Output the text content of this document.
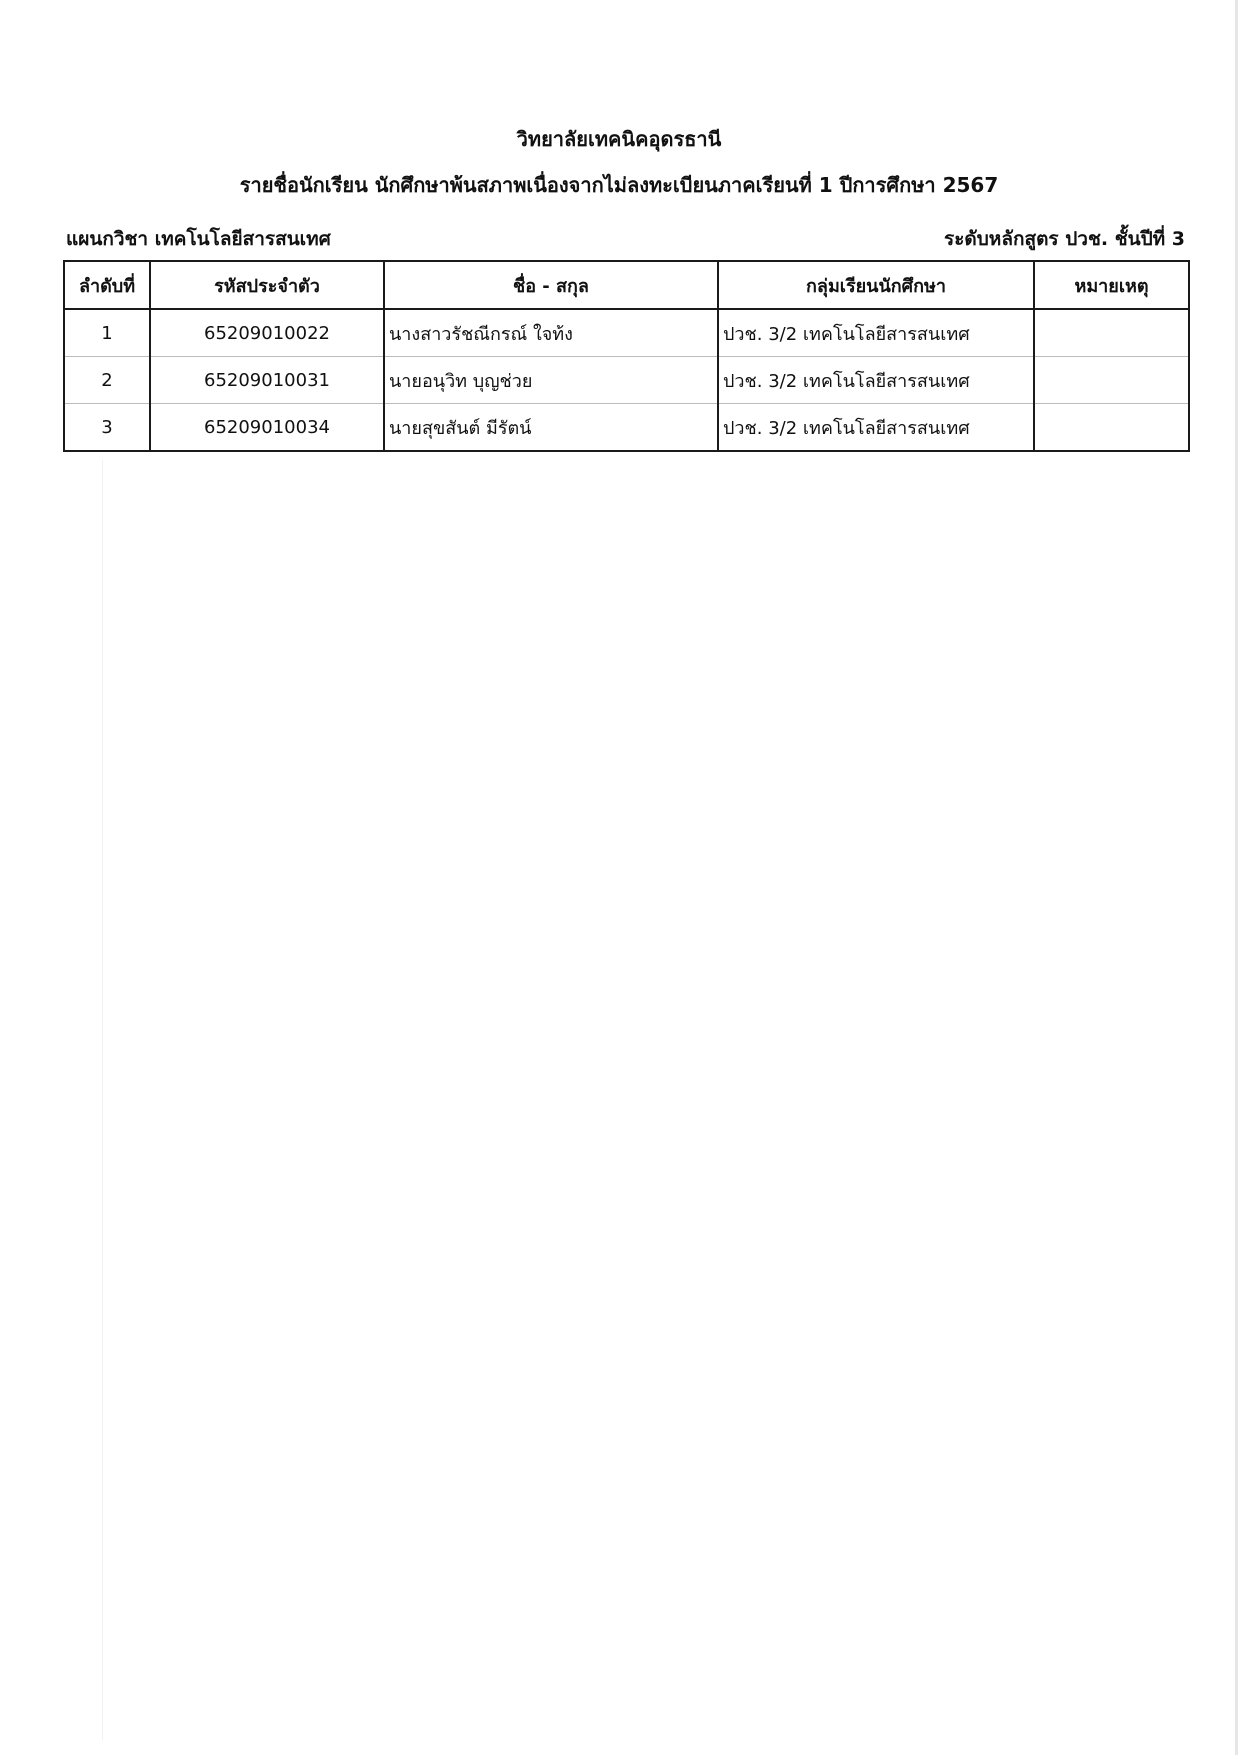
วิทยาลัยเทคนิคอุดรธานี
รายชื่อนักเรียน นักศึกษาพ้นสภาพเนื่องจากไม่ลงทะเบียนภาคเรียนที่ 1 ปีการศึกษา 2567
แผนกวิชา เทคโนโลยีสารสนเทศ	ระดับหลักสูตร ปวช. ชั้นปีที่ 3
ลำดับที่	รหัสประจำตัว	ชื่อ - สกุล	กลุ่มเรียนนักศึกษา	หมายเหตุ
1	65209010022	นางสาวรัชณีกรณ์ ใจท้ง	ปวช. 3/2 เทคโนโลยีสารสนเทศ	
2	65209010031	นายอนุวิท บุญช่วย	ปวช. 3/2 เทคโนโลยีสารสนเทศ	
3	65209010034	นายสุขสันต์ มีรัตน์	ปวช. 3/2 เทคโนโลยีสารสนเทศ	
